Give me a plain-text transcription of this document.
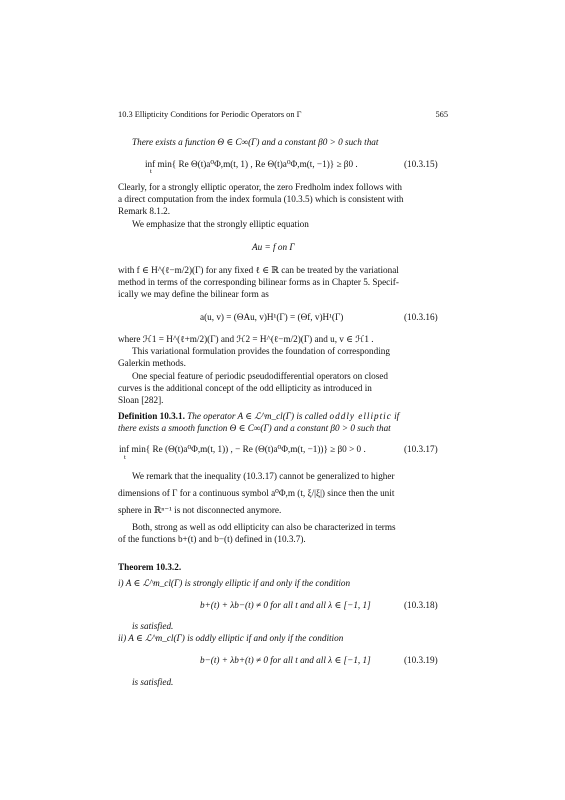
10.3 Ellipticity Conditions for Periodic Operators on Γ	565
There exists a function Θ ∈ C∞(Γ) and a constant β0 > 0 such that
inf min{ Re Θ(t)a⁰Φ,m(t, 1) , Re Θ(t)a⁰Φ,m(t, −1)} ≥ β0 .
t
(10.3.15)
Clearly, for a strongly elliptic operator, the zero Fredholm index follows with
a direct computation from the index formula (10.3.5) which is consistent with
Remark 8.1.2.
We emphasize that the strongly elliptic equation
Au = f on Γ
with f ∈ H^(ℓ−m/2)(Γ) for any fixed ℓ ∈ ℝ can be treated by the variational
method in terms of the corresponding bilinear forms as in Chapter 5. Specif-
ically we may define the bilinear form as
a(u, v) = (ΘAu, v)H¹(Γ) = (Θf, v)H¹(Γ)	(10.3.16)
where ℋ1 = H^(ℓ+m/2)(Γ) and ℋ2 = H^(ℓ−m/2)(Γ) and u, v ∈ ℋ1 .
This variational formulation provides the foundation of corresponding
Galerkin methods.
One special feature of periodic pseudodifferential operators on closed
curves is the additional concept of the odd ellipticity as introduced in
Sloan [282].
Definition 10.3.1. The operator A ∈ ℒ^m_cl(Γ) is called oddly elliptic if
there exists a smooth function Θ ∈ C∞(Γ) and a constant β0 > 0 such that
inf min{ Re (Θ(t)a⁰Φ,m(t, 1)) , − Re (Θ(t)a⁰Φ,m(t, −1))} ≥ β0 > 0 .
t
(10.3.17)
We remark that the inequality (10.3.17) cannot be generalized to higher
dimensions of Γ for a continuous symbol a⁰Φ,m (t, ξ/|ξ|) since then the unit
sphere in ℝⁿ⁻¹ is not disconnected anymore.
Both, strong as well as odd ellipticity can also be characterized in terms
of the functions b+(t) and b−(t) defined in (10.3.7).
Theorem 10.3.2.
i) A ∈ ℒ^m_cl(Γ) is strongly elliptic if and only if the condition
b+(t) + λb−(t) ≠ 0 for all t and all λ ∈ [−1, 1]	(10.3.18)
is satisfied.
ii) A ∈ ℒ^m_cl(Γ) is oddly elliptic if and only if the condition
b−(t) + λb+(t) ≠ 0 for all t and all λ ∈ [−1, 1]	(10.3.19)
is satisfied.
